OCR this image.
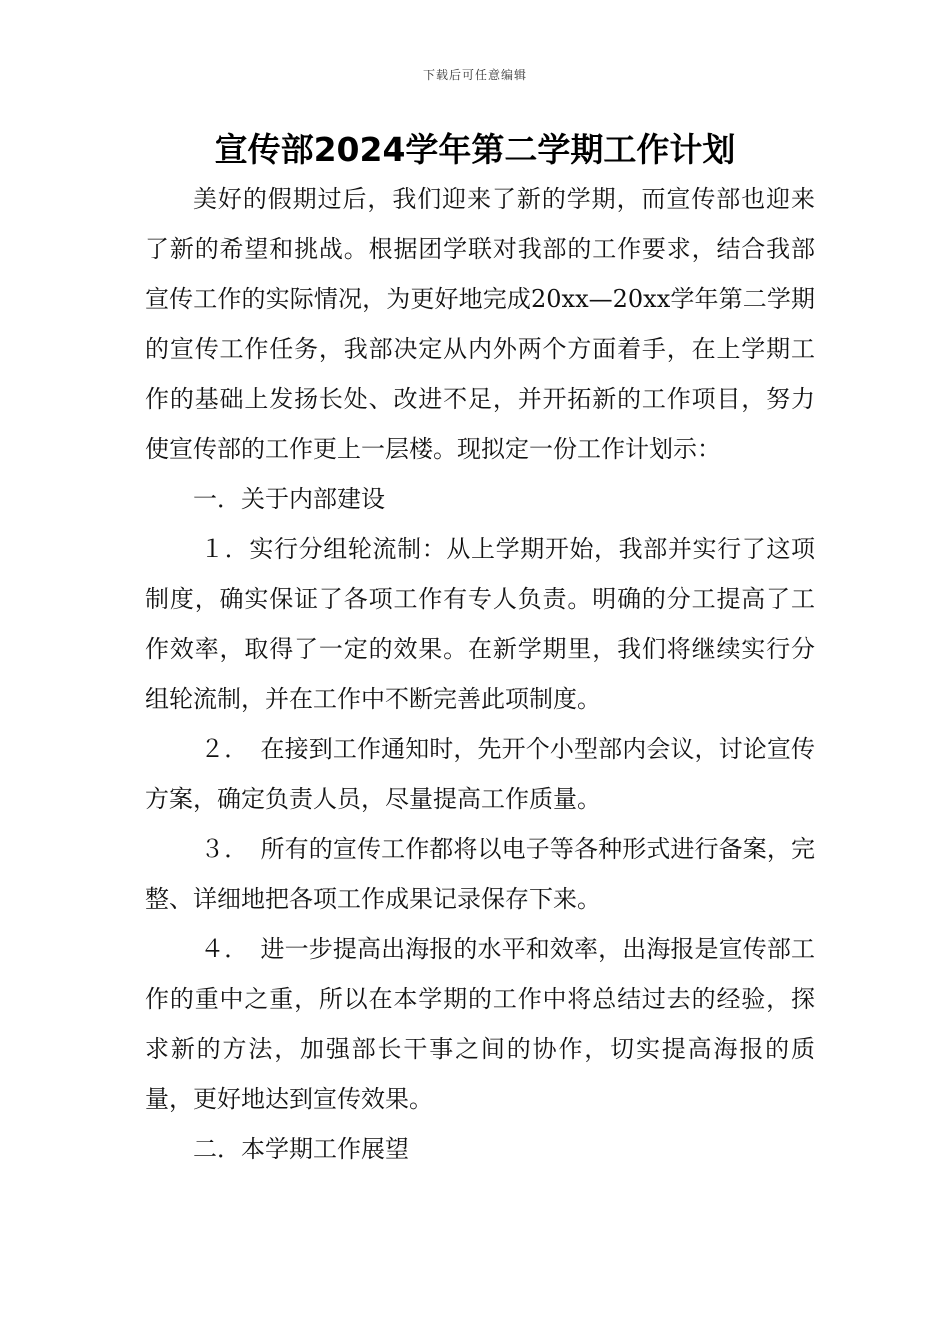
下载后可任意编辑
宣传部2024学年第二学期工作计划

美好的假期过后，我们迎来了新的学期，而宣传部也迎来了新的希望和挑战。根据团学联对我部的工作要求，结合我部宣传工作的实际情况，为更好地完成20xx—20xx学年第二学期的宣传工作任务，我部决定从内外两个方面着手，在上学期工作的基础上发扬长处、改进不足，并开拓新的工作项目，努力使宣传部的工作更上一层楼。现拟定一份工作计划示：

一．关于内部建设

１．实行分组轮流制：从上学期开始，我部并实行了这项制度，确实保证了各项工作有专人负责。明确的分工提高了工作效率，取得了一定的效果。在新学期里，我们将继续实行分组轮流制，并在工作中不断完善此项制度。

２．　在接到工作通知时，先开个小型部内会议，讨论宣传方案，确定负责人员，尽量提高工作质量。

３．　所有的宣传工作都将以电子等各种形式进行备案，完整、详细地把各项工作成果记录保存下来。

４．　进一步提高出海报的水平和效率，出海报是宣传部工作的重中之重，所以在本学期的工作中将总结过去的经验，探求新的方法，加强部长干事之间的协作，切实提高海报的质量，更好地达到宣传效果。

二．本学期工作展望
